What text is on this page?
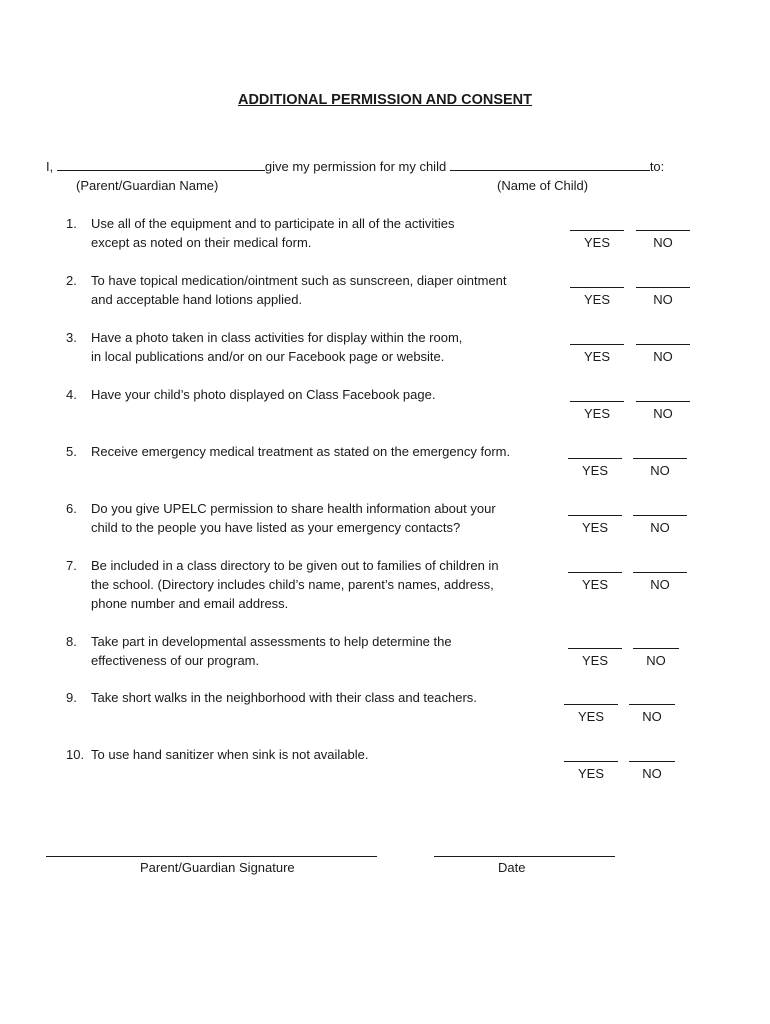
ADDITIONAL PERMISSION AND CONSENT
I,	give my permission for my child	to:
(Parent/Guardian Name)	(Name of Child)
1. Use all of the equipment and to participate in all of the activities
except as noted on their medical form.	YES	NO
2. To have topical medication/ointment such as sunscreen, diaper ointment
and acceptable hand lotions applied.	YES	NO
3. Have a photo taken in class activities for display within the room,
in local publications and/or on our Facebook page or website.	YES	NO
4. Have your child’s photo displayed on Class Facebook page.
YES	NO
5. Receive emergency medical treatment as stated on the emergency form.
YES	NO
6. Do you give UPELC permission to share health information about your
child to the people you have listed as your emergency contacts?	YES	NO
7. Be included in a class directory to be given out to families of children in
the school. (Directory includes child’s name, parent’s names, address,
phone number and email address.
YES	NO
8. Take part in developmental assessments to help determine the
effectiveness of our program.	YES	NO
9. Take short walks in the neighborhood with their class and teachers.
YES	NO
10. To use hand sanitizer when sink is not available.
YES	NO
Parent/Guardian Signature	Date
